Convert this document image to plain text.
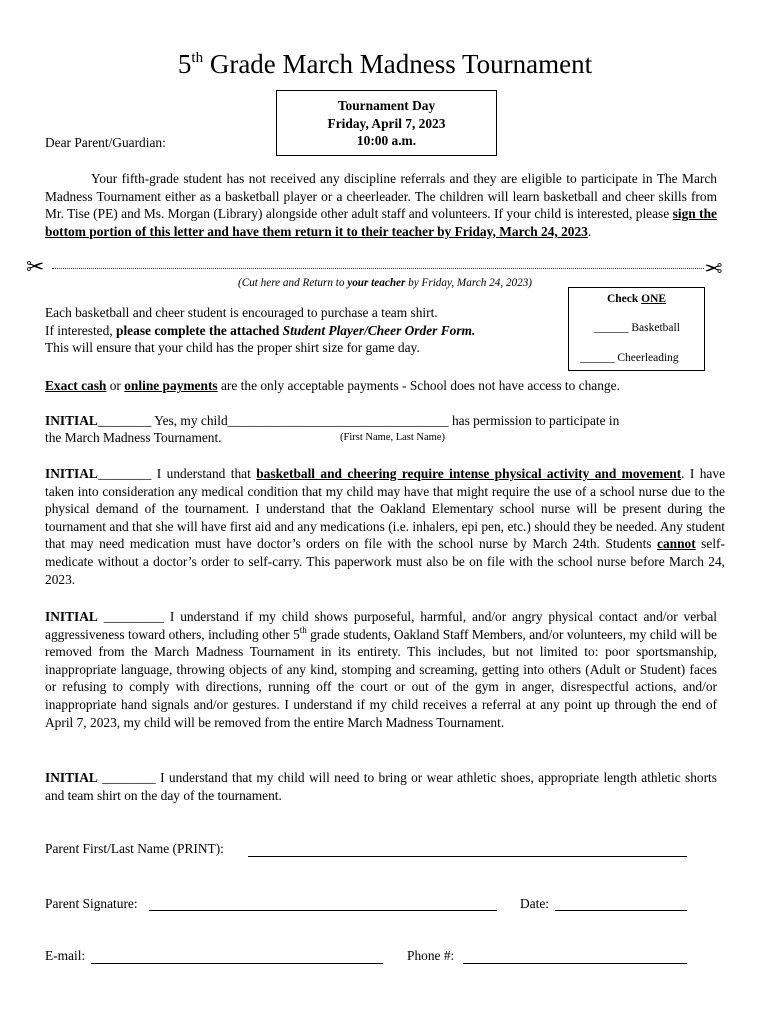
5th Grade March Madness Tournament
Tournament Day
Friday, April 7, 2023
10:00 a.m.
Dear Parent/Guardian:
Your fifth-grade student has not received any discipline referrals and they are eligible to participate in The March Madness Tournament either as a basketball player or a cheerleader. The children will learn basketball and cheer skills from Mr. Tise (PE) and Ms. Morgan (Library) alongside other adult staff and volunteers. If your child is interested, please sign the bottom portion of this letter and have them return it to their teacher by Friday, March 24, 2023.
✂	✂
(Cut here and Return to your teacher by Friday, March 24, 2023)
Each basketball and cheer student is encouraged to purchase a team shirt.
If interested, please complete the attached Student Player/Cheer Order Form.
This will ensure that your child has the proper shirt size for game day.
Check ONE
______ Basketball
______ Cheerleading
Exact cash or online payments are the only acceptable payments - School does not have access to change.
INITIAL________ Yes, my child_________________________________ has permission to participate in
the March Madness Tournament.	(First Name, Last Name)
INITIAL________ I understand that basketball and cheering require intense physical activity and movement. I have taken into consideration any medical condition that my child may have that might require the use of a school nurse due to the physical demand of the tournament. I understand that the Oakland Elementary school nurse will be present during the tournament and that she will have first aid and any medications (i.e. inhalers, epi pen, etc.) should they be needed. Any student that may need medication must have doctor’s orders on file with the school nurse by March 24th. Students cannot self-medicate without a doctor’s order to self-carry. This paperwork must also be on file with the school nurse before March 24, 2023.
INITIAL _________ I understand if my child shows purposeful, harmful, and/or angry physical contact and/or verbal aggressiveness toward others, including other 5th grade students, Oakland Staff Members, and/or volunteers, my child will be removed from the March Madness Tournament in its entirety. This includes, but not limited to: poor sportsmanship, inappropriate language, throwing objects of any kind, stomping and screaming, getting into others (Adult or Student) faces or refusing to comply with directions, running off the court or out of the gym in anger, disrespectful actions, and/or inappropriate hand signals and/or gestures. I understand if my child receives a referral at any point up through the end of April 7, 2023, my child will be removed from the entire March Madness Tournament.
INITIAL ________ I understand that my child will need to bring or wear athletic shoes, appropriate length athletic shorts and team shirt on the day of the tournament.
Parent First/Last Name (PRINT):
Parent Signature:	Date:
E-mail:	Phone #:
